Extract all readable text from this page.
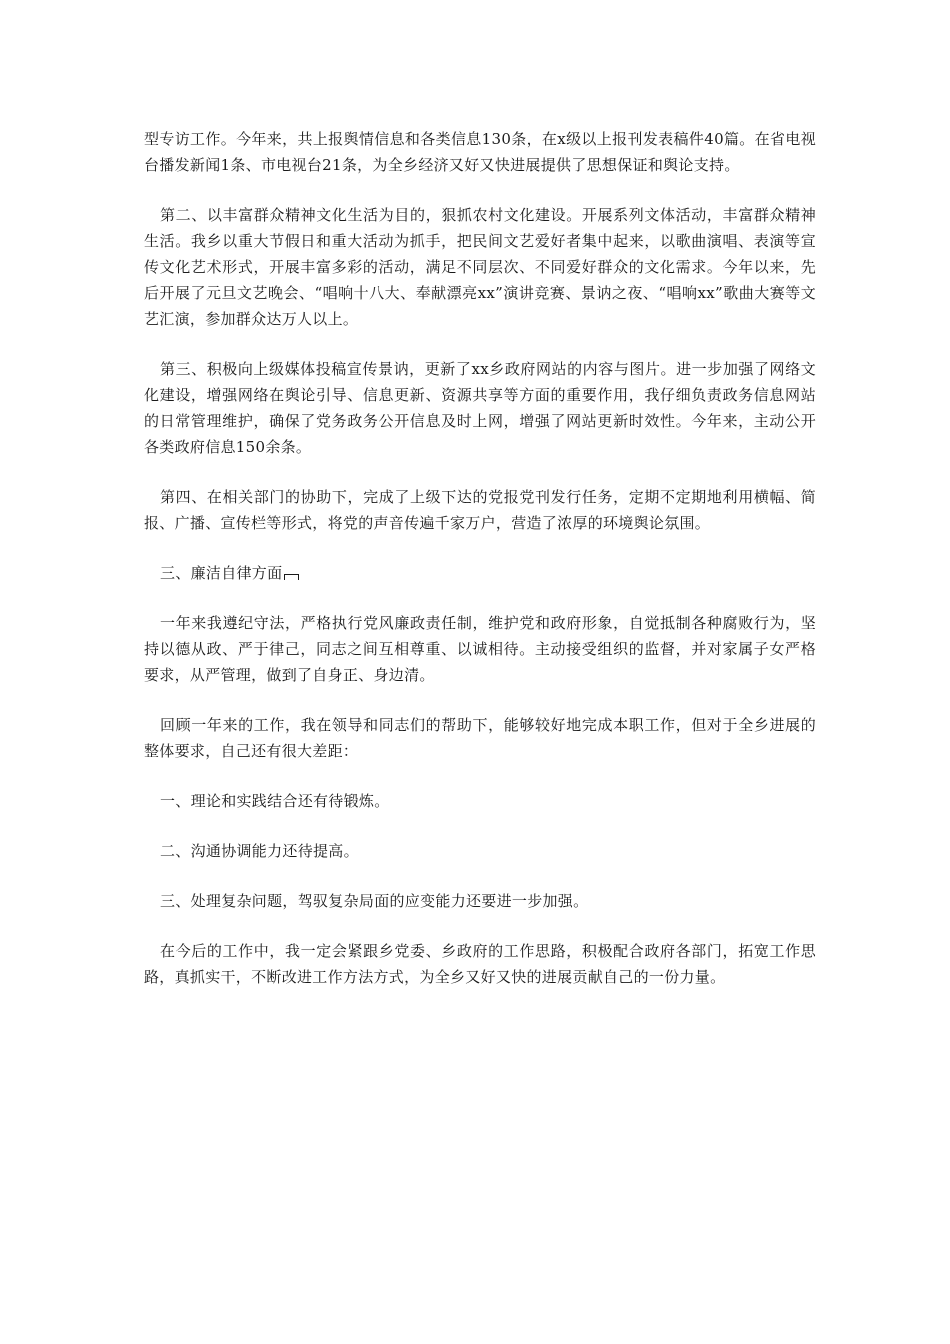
型专访工作。今年来，共上报舆情信息和各类信息130条，在x级以上报刊发表稿件40篇。在省电视台播发新闻1条、市电视台21条，为全乡经济又好又快进展提供了思想保证和舆论支持。

第二、以丰富群众精神文化生活为目的，狠抓农村文化建设。开展系列文体活动，丰富群众精神生活。我乡以重大节假日和重大活动为抓手，把民间文艺爱好者集中起来，以歌曲演唱、表演等宣传文化艺术形式，开展丰富多彩的活动，满足不同层次、不同爱好群众的文化需求。今年以来，先后开展了元旦文艺晚会、“唱响十八大、奉献漂亮xx”演讲竞赛、景讷之夜、“唱响xx”歌曲大赛等文艺汇演，参加群众达万人以上。

第三、积极向上级媒体投稿宣传景讷，更新了xx乡政府网站的内容与图片。进一步加强了网络文化建设，增强网络在舆论引导、信息更新、资源共享等方面的重要作用，我仔细负责政务信息网站的日常管理维护，确保了党务政务公开信息及时上网，增强了网站更新时效性。今年来，主动公开各类政府信息150余条。

第四、在相关部门的协助下，完成了上级下达的党报党刊发行任务，定期不定期地利用横幅、简报、广播、宣传栏等形式，将党的声音传遍千家万户，营造了浓厚的环境舆论氛围。

三、廉洁自律方面

一年来我遵纪守法，严格执行党风廉政责任制，维护党和政府形象，自觉抵制各种腐败行为，坚持以德从政、严于律己，同志之间互相尊重、以诚相待。主动接受组织的监督，并对家属子女严格要求，从严管理，做到了自身正、身边清。

回顾一年来的工作，我在领导和同志们的帮助下，能够较好地完成本职工作，但对于全乡进展的整体要求，自己还有很大差距：

一、理论和实践结合还有待锻炼。

二、沟通协调能力还待提高。

三、处理复杂问题，驾驭复杂局面的应变能力还要进一步加强。

在今后的工作中，我一定会紧跟乡党委、乡政府的工作思路，积极配合政府各部门，拓宽工作思路，真抓实干，不断改进工作方法方式，为全乡又好又快的进展贡献自己的一份力量。
